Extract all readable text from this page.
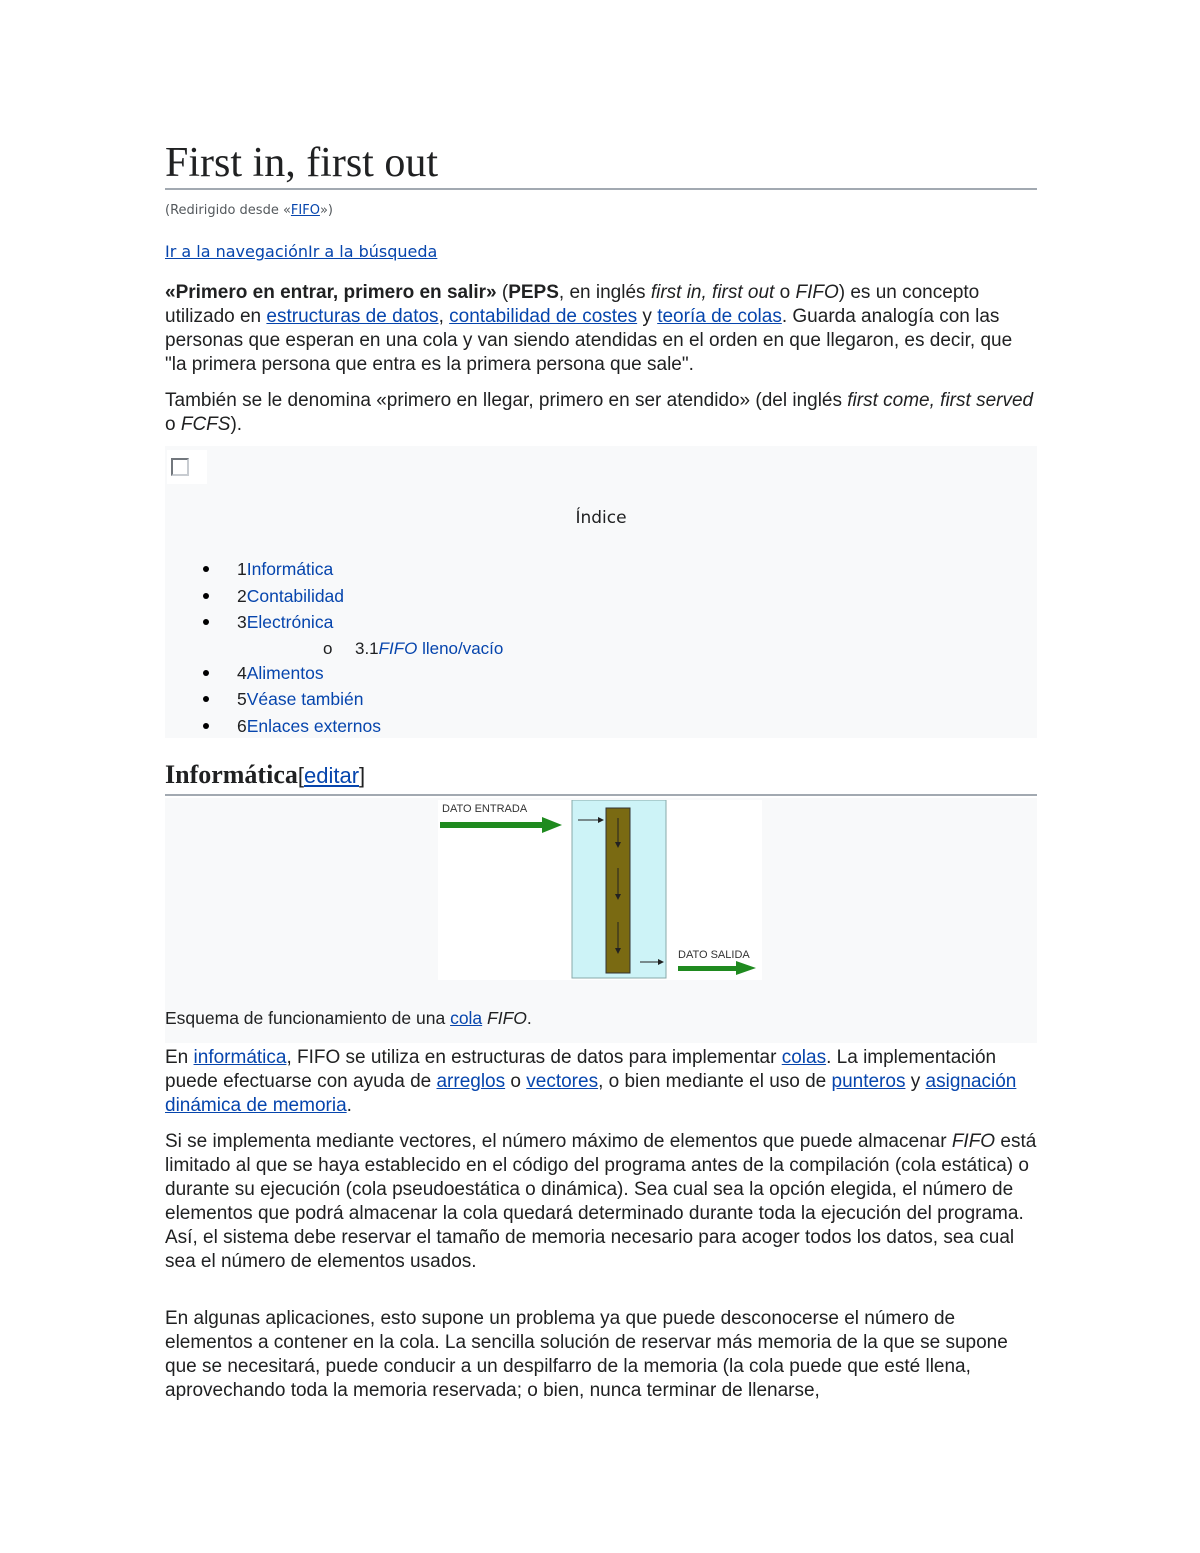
First in, first out
(Redirigido desde «FIFO»)
Ir a la navegaciónIr a la búsqueda

«Primero en entrar, primero en salir» (PEPS, en inglés first in, first out o FIFO) es un concepto utilizado en estructuras de datos, contabilidad de costes y teoría de colas. Guarda analogía con las personas que esperan en una cola y van siendo atendidas en el orden en que llegaron, es decir, que "la primera persona que entra es la primera persona que sale".

También se le denomina «primero en llegar, primero en ser atendido» (del inglés first come, first served o FCFS).

Índice
1Informática
2Contabilidad
3Electrónica
o 3.1FIFO lleno/vacío
4Alimentos
5Véase también
6Enlaces externos
Informática[editar]
DATO ENTRADA
DATO SALIDA
Esquema de funcionamiento de una cola FIFO.

En informática, FIFO se utiliza en estructuras de datos para implementar colas. La implementación puede efectuarse con ayuda de arreglos o vectores, o bien mediante el uso de punteros y asignación dinámica de memoria.

Si se implementa mediante vectores, el número máximo de elementos que puede almacenar FIFO está limitado al que se haya establecido en el código del programa antes de la compilación (cola estática) o durante su ejecución (cola pseudoestática o dinámica). Sea cual sea la opción elegida, el número de elementos que podrá almacenar la cola quedará determinado durante toda la ejecución del programa. Así, el sistema debe reservar el tamaño de memoria necesario para acoger todos los datos, sea cual sea el número de elementos usados.

En algunas aplicaciones, esto supone un problema ya que puede desconocerse el número de elementos a contener en la cola. La sencilla solución de reservar más memoria de la que se supone que se necesitará, puede conducir a un despilfarro de la memoria (la cola puede que esté llena, aprovechando toda la memoria reservada; o bien, nunca terminar de llenarse,
